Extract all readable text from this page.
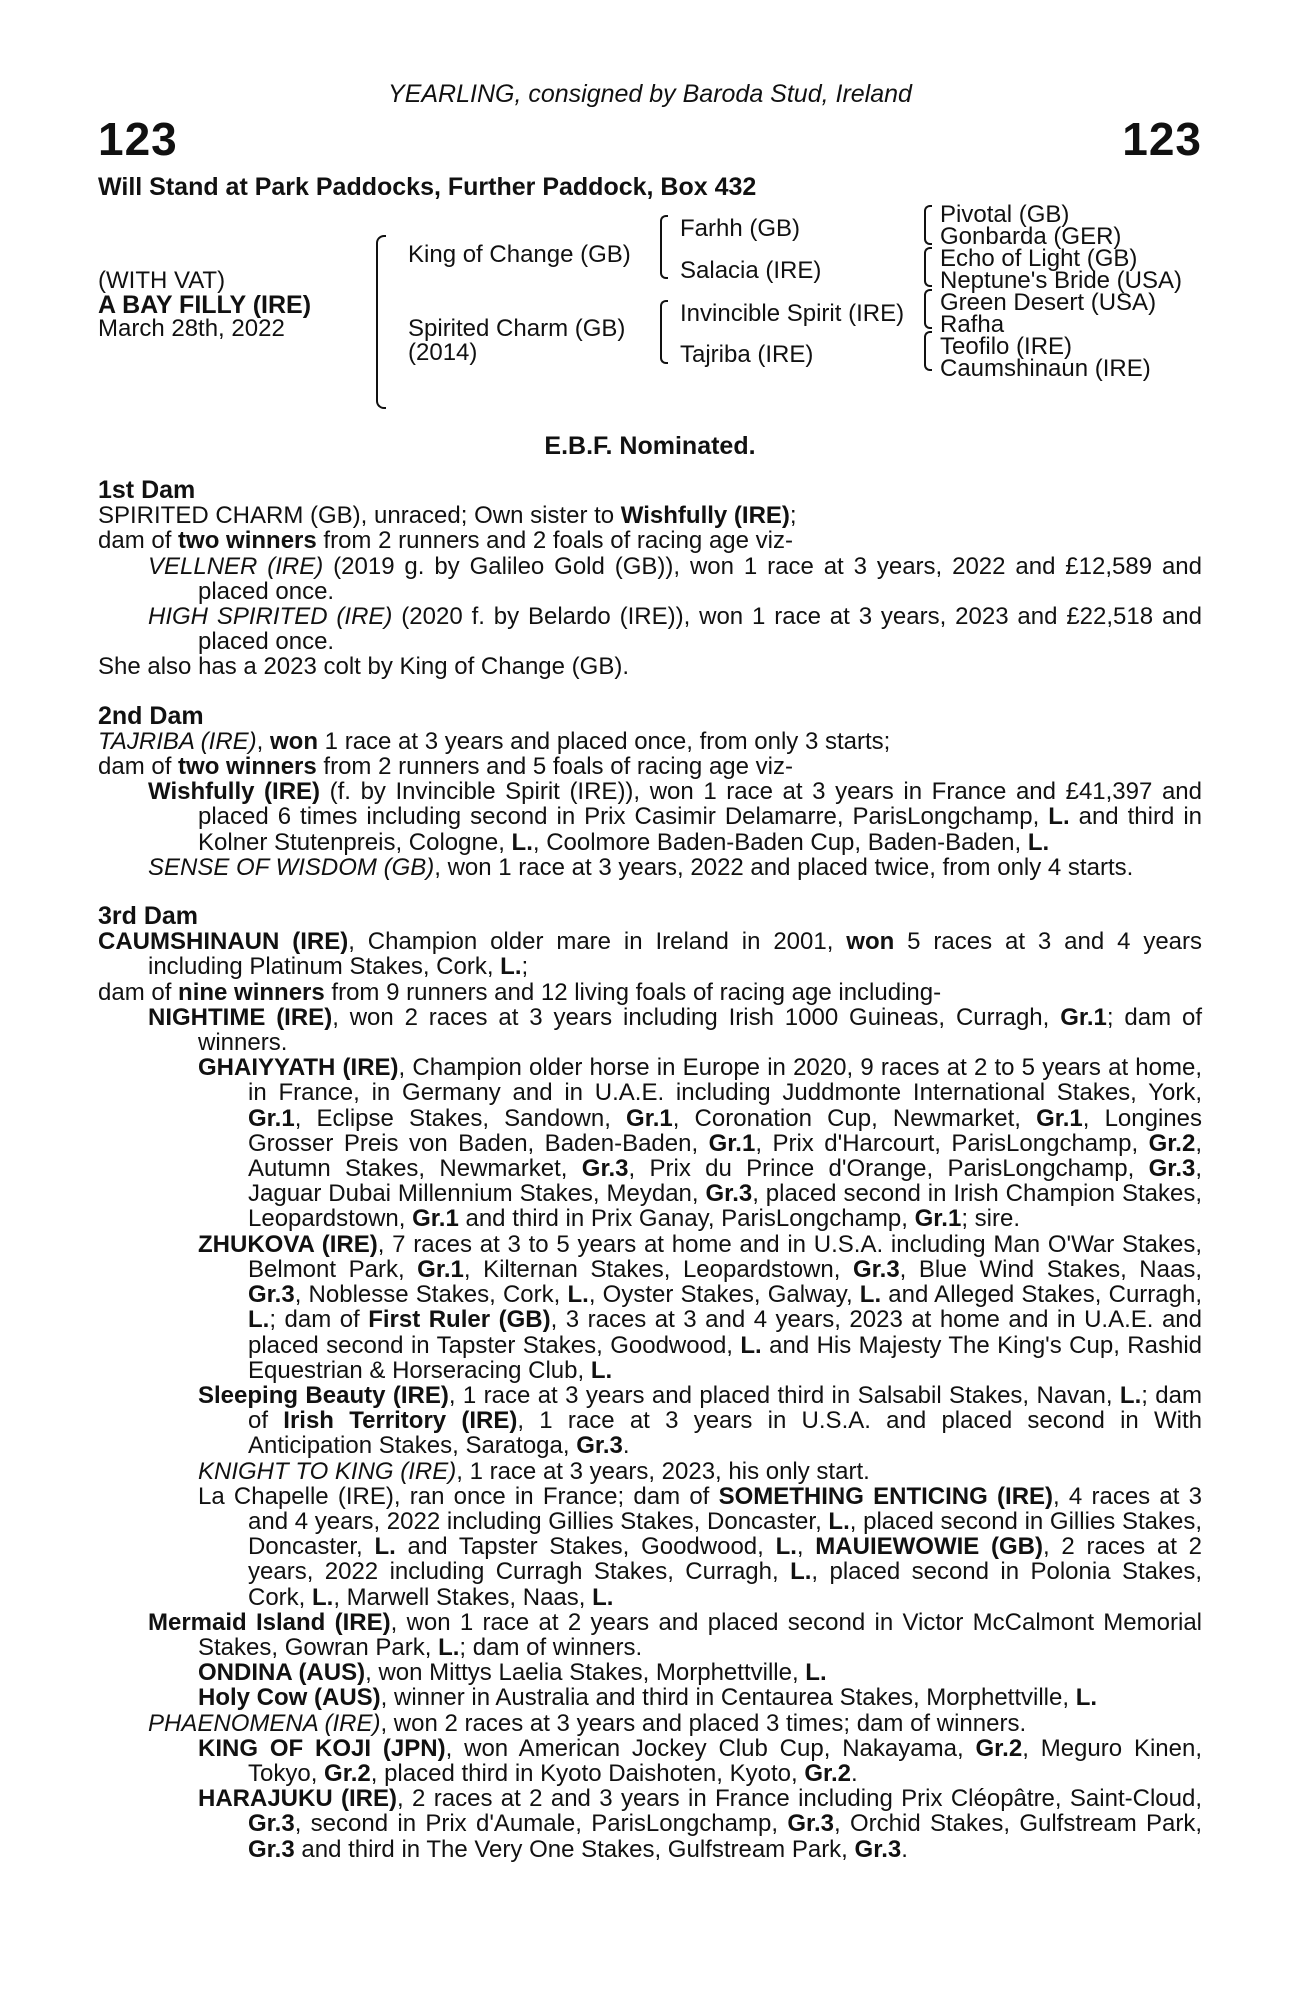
YEARLING, consigned by Baroda Stud, Ireland
123	123
Will Stand at Park Paddocks, Further Paddock, Box 432
(WITH VAT)
A BAY FILLY (IRE)
March 28th, 2022
King of Change (GB)
Spirited Charm (GB)
(2014)
Farhh (GB)
Salacia (IRE)
Invincible Spirit (IRE)
Tajriba (IRE)
Pivotal (GB)
Gonbarda (GER)
Echo of Light (GB)
Neptune's Bride (USA)
Green Desert (USA)
Rafha
Teofilo (IRE)
Caumshinaun (IRE)
E.B.F. Nominated.

1st Dam

SPIRITED CHARM (GB), unraced; Own sister to Wishfully (IRE);

dam of two winners from 2 runners and 2 foals of racing age viz-

VELLNER (IRE) (2019 g. by Galileo Gold (GB)), won 1 race at 3 years, 2022 and £12,589 and placed once.

HIGH SPIRITED (IRE) (2020 f. by Belardo (IRE)), won 1 race at 3 years, 2023 and £22,518 and placed once.

She also has a 2023 colt by King of Change (GB).

2nd Dam

TAJRIBA (IRE), won 1 race at 3 years and placed once, from only 3 starts;

dam of two winners from 2 runners and 5 foals of racing age viz-

Wishfully (IRE) (f. by Invincible Spirit (IRE)), won 1 race at 3 years in France and £41,397 and placed 6 times including second in Prix Casimir Delamarre, ParisLongchamp, L. and third in Kolner Stutenpreis, Cologne, L., Coolmore Baden-Baden Cup, Baden-Baden, L.

SENSE OF WISDOM (GB), won 1 race at 3 years, 2022 and placed twice, from only 4 starts.

3rd Dam

CAUMSHINAUN (IRE), Champion older mare in Ireland in 2001, won 5 races at 3 and 4 years including Platinum Stakes, Cork, L.;

dam of nine winners from 9 runners and 12 living foals of racing age including-

NIGHTIME (IRE), won 2 races at 3 years including Irish 1000 Guineas, Curragh, Gr.1; dam of winners.

GHAIYYATH (IRE), Champion older horse in Europe in 2020, 9 races at 2 to 5 years at home, in France, in Germany and in U.A.E. including Juddmonte International Stakes, York, Gr.1, Eclipse Stakes, Sandown, Gr.1, Coronation Cup, Newmarket, Gr.1, Longines Grosser Preis von Baden, Baden-Baden, Gr.1, Prix d'Harcourt, ParisLongchamp, Gr.2, Autumn Stakes, Newmarket, Gr.3, Prix du Prince d'Orange, ParisLongchamp, Gr.3, Jaguar Dubai Millennium Stakes, Meydan, Gr.3, placed second in Irish Champion Stakes, Leopardstown, Gr.1 and third in Prix Ganay, ParisLongchamp, Gr.1; sire.

ZHUKOVA (IRE), 7 races at 3 to 5 years at home and in U.S.A. including Man O'War Stakes, Belmont Park, Gr.1, Kilternan Stakes, Leopardstown, Gr.3, Blue Wind Stakes, Naas, Gr.3, Noblesse Stakes, Cork, L., Oyster Stakes, Galway, L. and Alleged Stakes, Curragh, L.; dam of First Ruler (GB), 3 races at 3 and 4 years, 2023 at home and in U.A.E. and placed second in Tapster Stakes, Goodwood, L. and His Majesty The King's Cup, Rashid Equestrian & Horseracing Club, L.

Sleeping Beauty (IRE), 1 race at 3 years and placed third in Salsabil Stakes, Navan, L.; dam of Irish Territory (IRE), 1 race at 3 years in U.S.A. and placed second in With Anticipation Stakes, Saratoga, Gr.3.

KNIGHT TO KING (IRE), 1 race at 3 years, 2023, his only start.

La Chapelle (IRE), ran once in France; dam of SOMETHING ENTICING (IRE), 4 races at 3 and 4 years, 2022 including Gillies Stakes, Doncaster, L., placed second in Gillies Stakes, Doncaster, L. and Tapster Stakes, Goodwood, L., MAUIEWOWIE (GB), 2 races at 2 years, 2022 including Curragh Stakes, Curragh, L., placed second in Polonia Stakes, Cork, L., Marwell Stakes, Naas, L.

Mermaid Island (IRE), won 1 race at 2 years and placed second in Victor McCalmont Memorial Stakes, Gowran Park, L.; dam of winners.

ONDINA (AUS), won Mittys Laelia Stakes, Morphettville, L.

Holy Cow (AUS), winner in Australia and third in Centaurea Stakes, Morphettville, L.

PHAENOMENA (IRE), won 2 races at 3 years and placed 3 times; dam of winners.

KING OF KOJI (JPN), won American Jockey Club Cup, Nakayama, Gr.2, Meguro Kinen, Tokyo, Gr.2, placed third in Kyoto Daishoten, Kyoto, Gr.2.

HARAJUKU (IRE), 2 races at 2 and 3 years in France including Prix Cléopâtre, Saint-Cloud, Gr.3, second in Prix d'Aumale, ParisLongchamp, Gr.3, Orchid Stakes, Gulfstream Park, Gr.3 and third in The Very One Stakes, Gulfstream Park, Gr.3.
